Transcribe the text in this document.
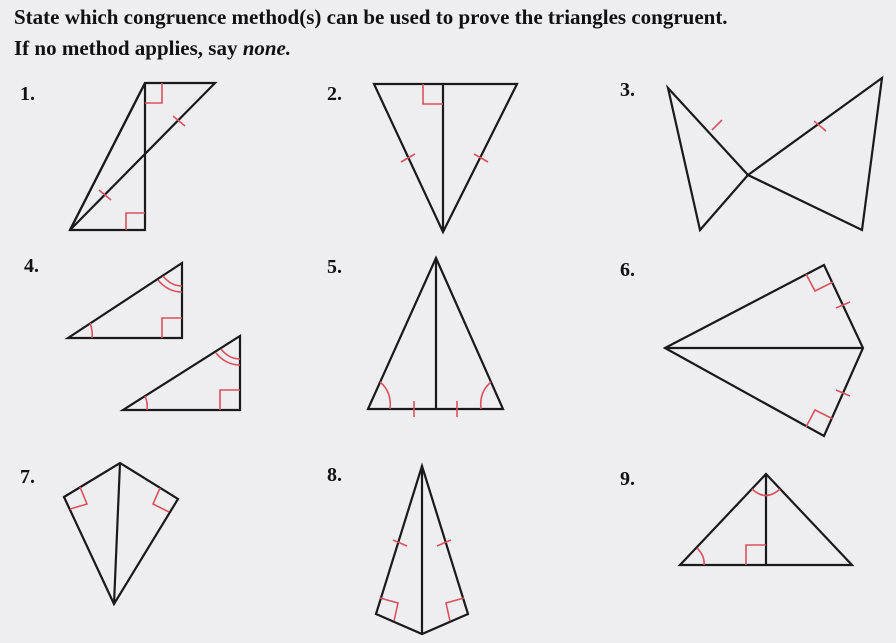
State which congruence method(s) can be used to prove the triangles congruent.
If no method applies, say none.
1.	2.	3.
4.	5.	6.
7.	8.	9.
